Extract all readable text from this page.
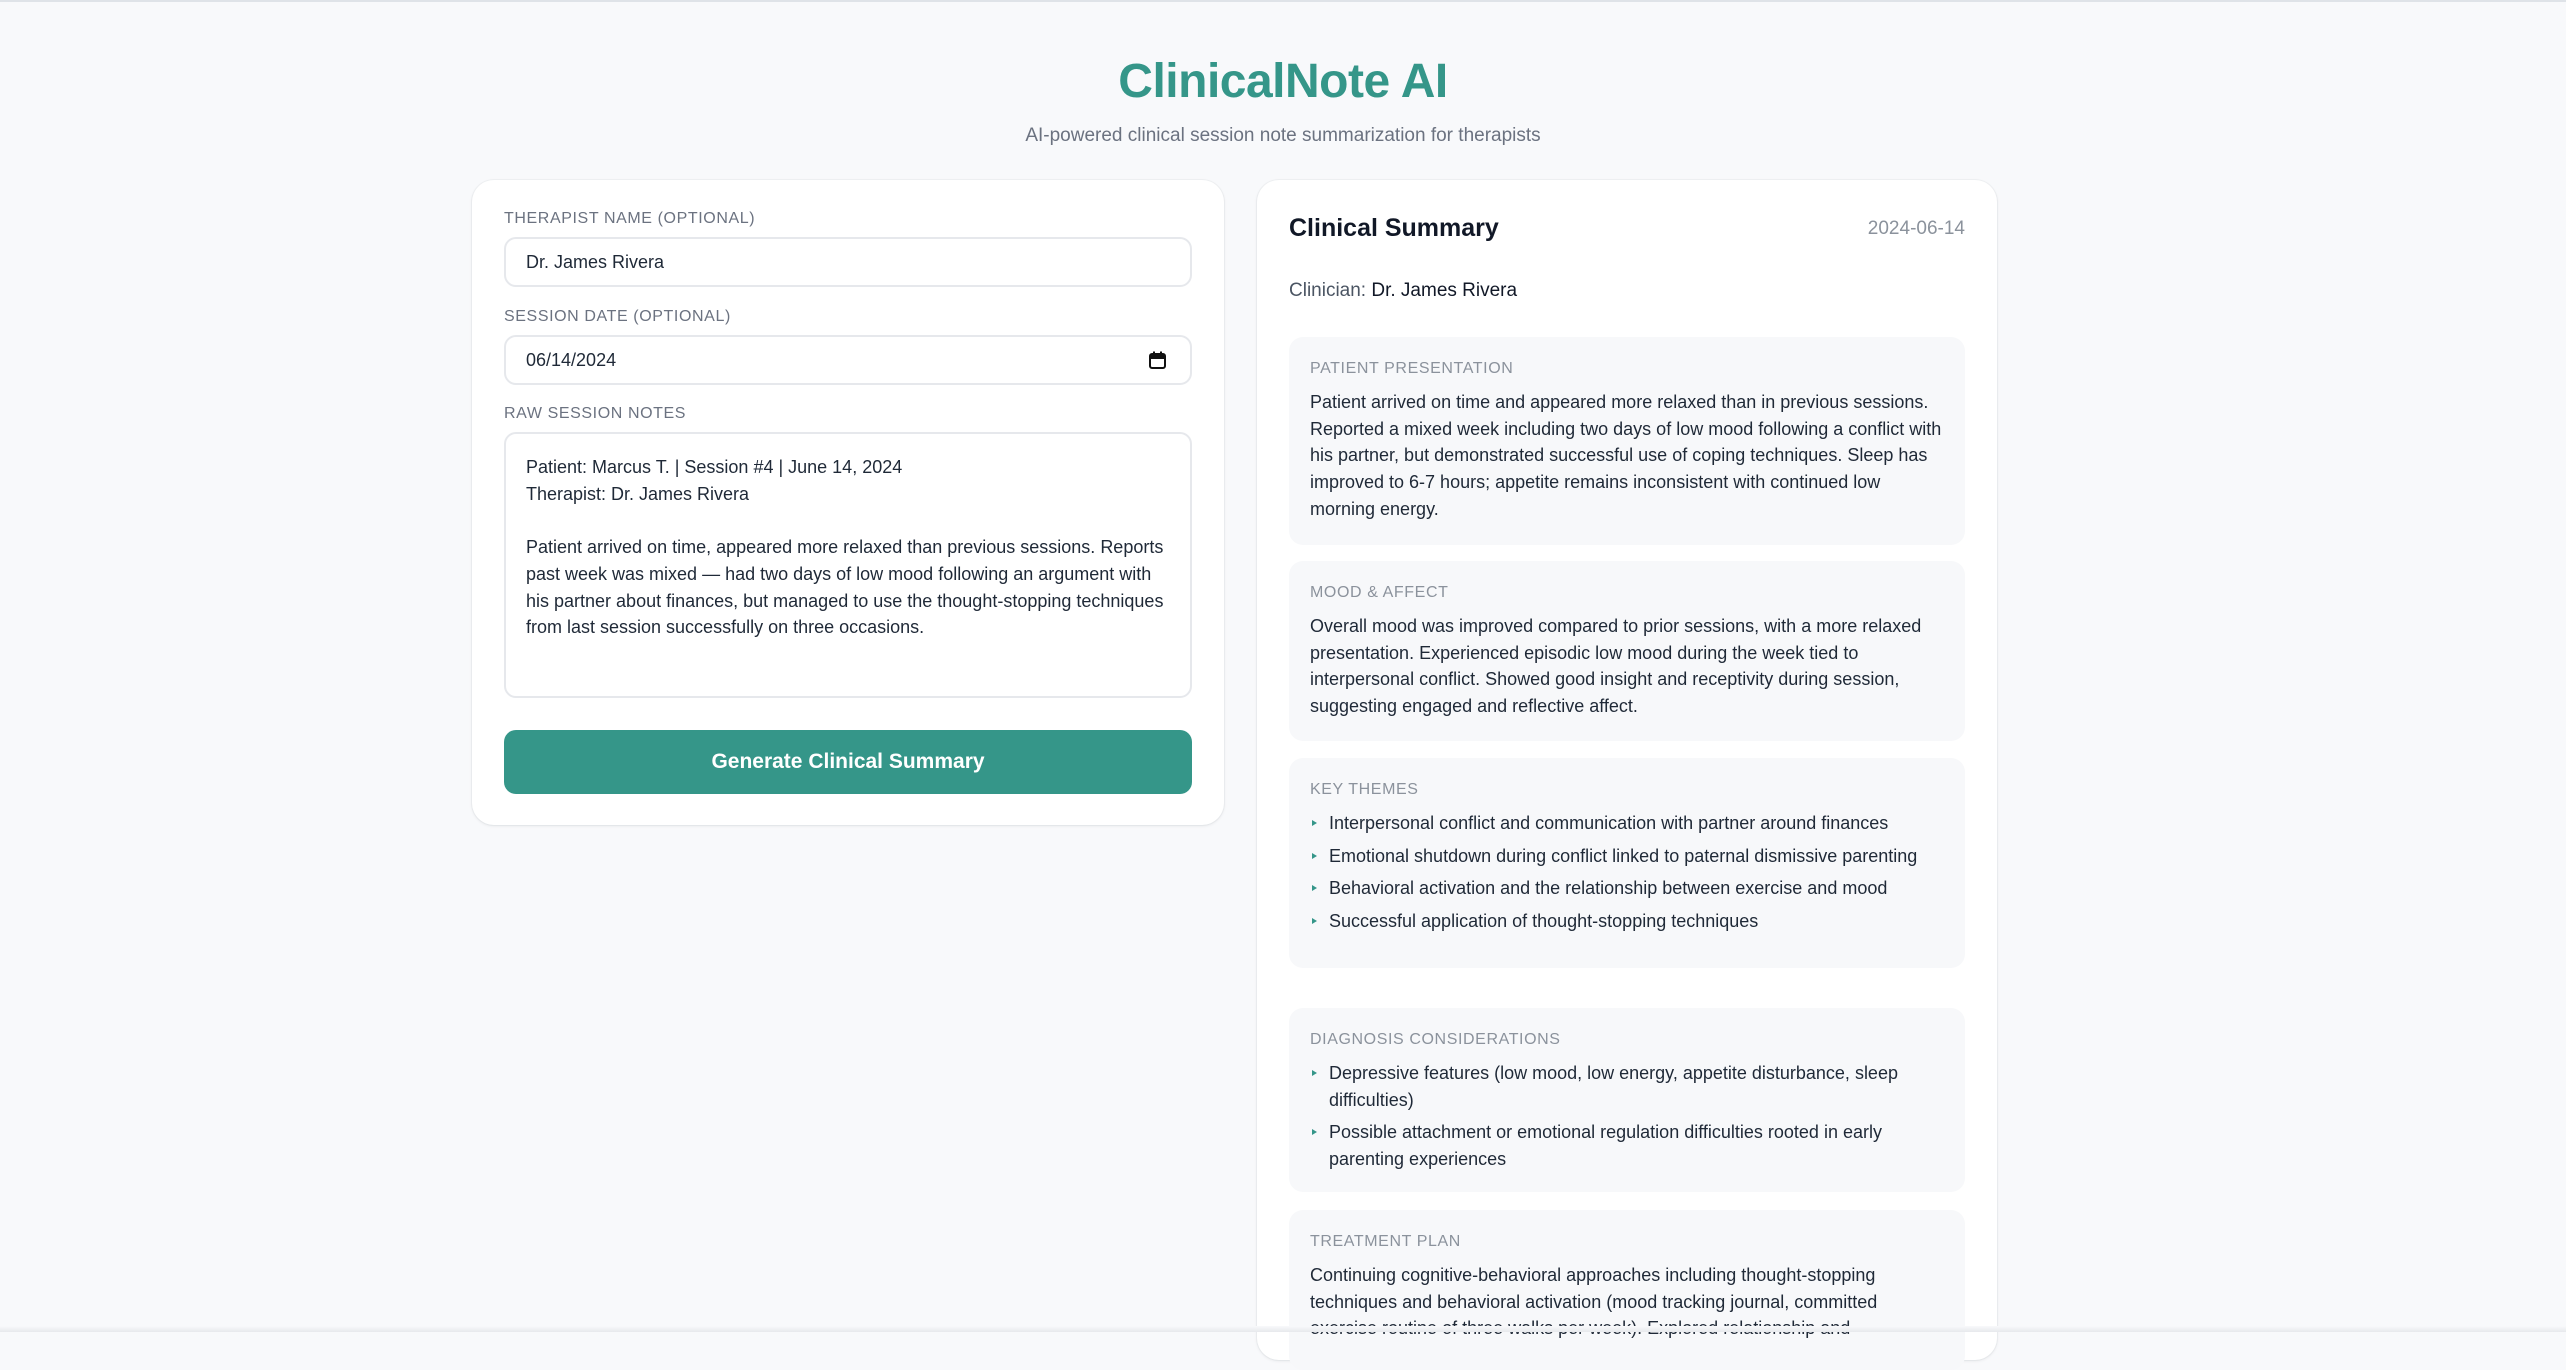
ClinicalNote AI

AI-powered clinical session note summarization for therapists

THERAPIST NAME (OPTIONAL)
Dr. James Rivera
SESSION DATE (OPTIONAL)
06/14/2024
RAW SESSION NOTES
Patient: Marcus T. | Session #4 | June 14, 2024
Therapist: Dr. James Rivera

Patient arrived on time, appeared more relaxed than previous sessions. Reports past week was mixed — had two days of low mood following an argument with his partner about finances, but managed to use the thought-stopping techniques from last session successfully on three occasions.
Generate Clinical Summary
Clinical Summary	2024-06-14

Clinician: Dr. James Rivera

PATIENT PRESENTATION

Patient arrived on time and appeared more relaxed than in previous sessions. Reported a mixed week including two days of low mood following a conflict with his partner, but demonstrated successful use of coping techniques. Sleep has improved to 6-7 hours; appetite remains inconsistent with continued low morning energy.

MOOD & AFFECT

Overall mood was improved compared to prior sessions, with a more relaxed presentation. Experienced episodic low mood during the week tied to interpersonal conflict. Showed good insight and receptivity during session, suggesting engaged and reflective affect.

KEY THEMES
Interpersonal conflict and communication with partner around finances
Emotional shutdown during conflict linked to paternal dismissive parenting
Behavioral activation and the relationship between exercise and mood
Successful application of thought-stopping techniques
DIAGNOSIS CONSIDERATIONS
Depressive features (low mood, low energy, appetite disturbance, sleep difficulties)
Possible attachment or emotional regulation difficulties rooted in early parenting experiences
TREATMENT PLAN

Continuing cognitive-behavioral approaches including thought-stopping techniques and behavioral activation (mood tracking journal, committed exercise routine of three walks per week). Explored relationship and
